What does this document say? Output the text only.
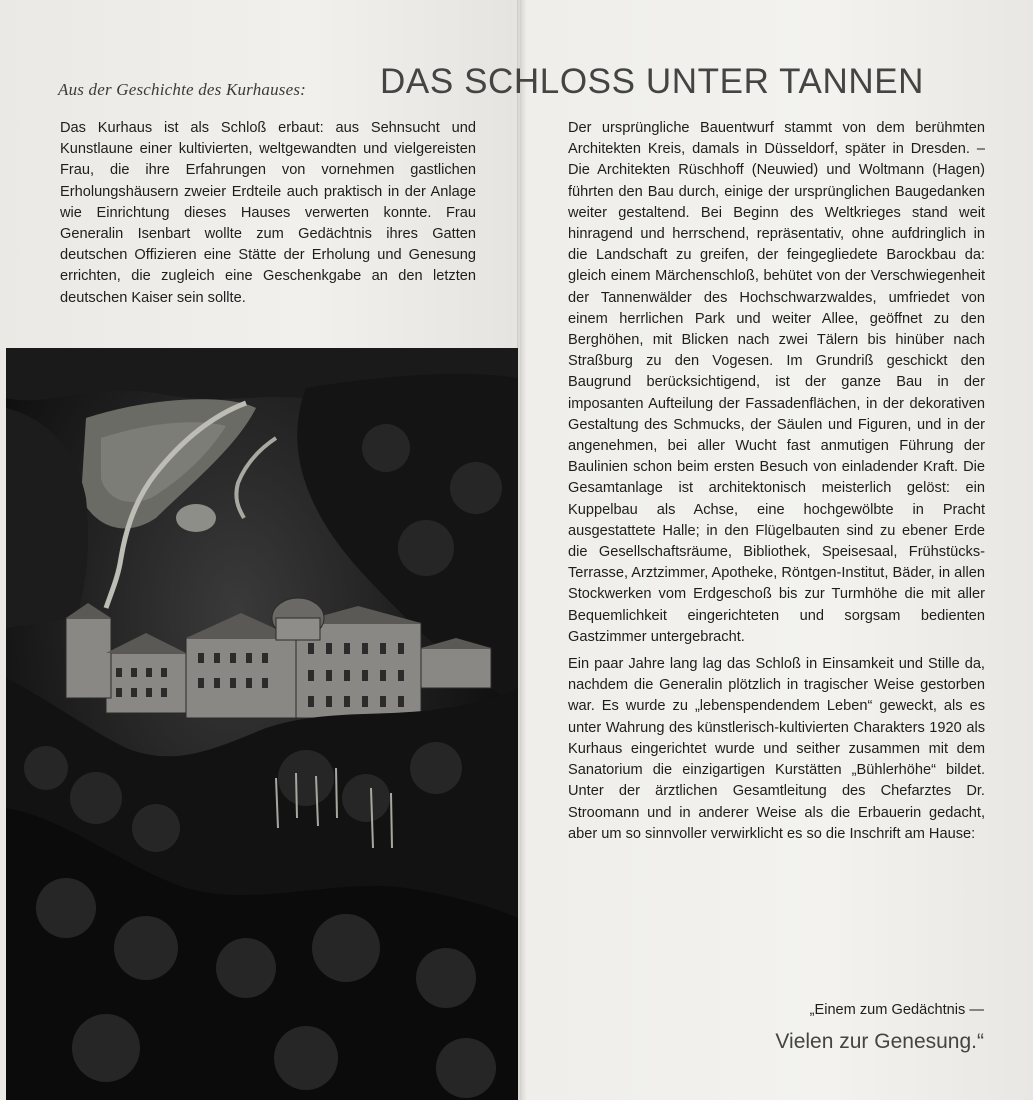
Aus der Geschichte des Kurhauses: DAS SCHLOSS UNTER TANNEN

Das Kurhaus ist als Schloß erbaut: aus Sehnsucht und Kunstlaune einer kultivierten, weltgewandten und vielgereisten Frau, die ihre Erfahrungen von vornehmen gastlichen Erholungshäusern zweier Erdteile auch praktisch in der Anlage wie Einrichtung dieses Hauses verwerten konnte. Frau Generalin Isenbart wollte zum Gedächtnis ihres Gatten deutschen Offizieren eine Stätte der Erholung und Genesung errichten, die zugleich eine Geschenkgabe an den letzten deutschen Kaiser sein sollte.

Der ursprüngliche Bauentwurf stammt von dem berühmten Architekten Kreis, damals in Düsseldorf, später in Dresden. – Die Architekten Rüschhoff (Neuwied) und Woltmann (Hagen) führten den Bau durch, einige der ursprünglichen Baugedanken weiter gestaltend. Bei Beginn des Weltkrieges stand weit hinragend und herrschend, repräsentativ, ohne aufdringlich in die Landschaft zu greifen, der feingegliedete Barockbau da: gleich einem Märchenschloß, behütet von der Verschwiegenheit der Tannenwälder des Hochschwarzwaldes, umfriedet von einem herrlichen Park und weiter Allee, geöffnet zu den Berghöhen, mit Blicken nach zwei Tälern bis hinüber nach Straßburg zu den Vogesen. Im Grundriß geschickt den Baugrund berücksichtigend, ist der ganze Bau in der imposanten Aufteilung der Fassadenflächen, in der dekorativen Gestaltung des Schmucks, der Säulen und Figuren, und in der angenehmen, bei aller Wucht fast anmutigen Führung der Baulinien schon beim ersten Besuch von einladender Kraft. Die Gesamtanlage ist architektonisch meisterlich gelöst: ein Kuppelbau als Achse, eine hochgewölbte in Pracht ausgestattete Halle; in den Flügelbauten sind zu ebener Erde die Gesellschaftsräume, Bibliothek, Speisesaal, Frühstücks-Terrasse, Arztzimmer, Apotheke, Röntgen-Institut, Bäder, in allen Stockwerken vom Erdgeschoß bis zur Turmhöhe die mit aller Bequemlichkeit eingerichteten und sorgsam bedienten Gastzimmer untergebracht.

Ein paar Jahre lang lag das Schloß in Einsamkeit und Stille da, nachdem die Generalin plötzlich in tragischer Weise gestorben war. Es wurde zu „lebenspendendem Leben“ geweckt, als es unter Wahrung des künstlerisch-kultivierten Charakters 1920 als Kurhaus eingerichtet wurde und seither zusammen mit dem Sanatorium die einzigartigen Kurstätten „Bühlerhöhe“ bildet. Unter der ärztlichen Gesamtleitung des Chefarztes Dr. Stroomann und in anderer Weise als die Erbauerin gedacht, aber um so sinnvoller verwirklicht es so die Inschrift am Hause:

„Einem zum Gedächtnis —
Vielen zur Genesung.“
